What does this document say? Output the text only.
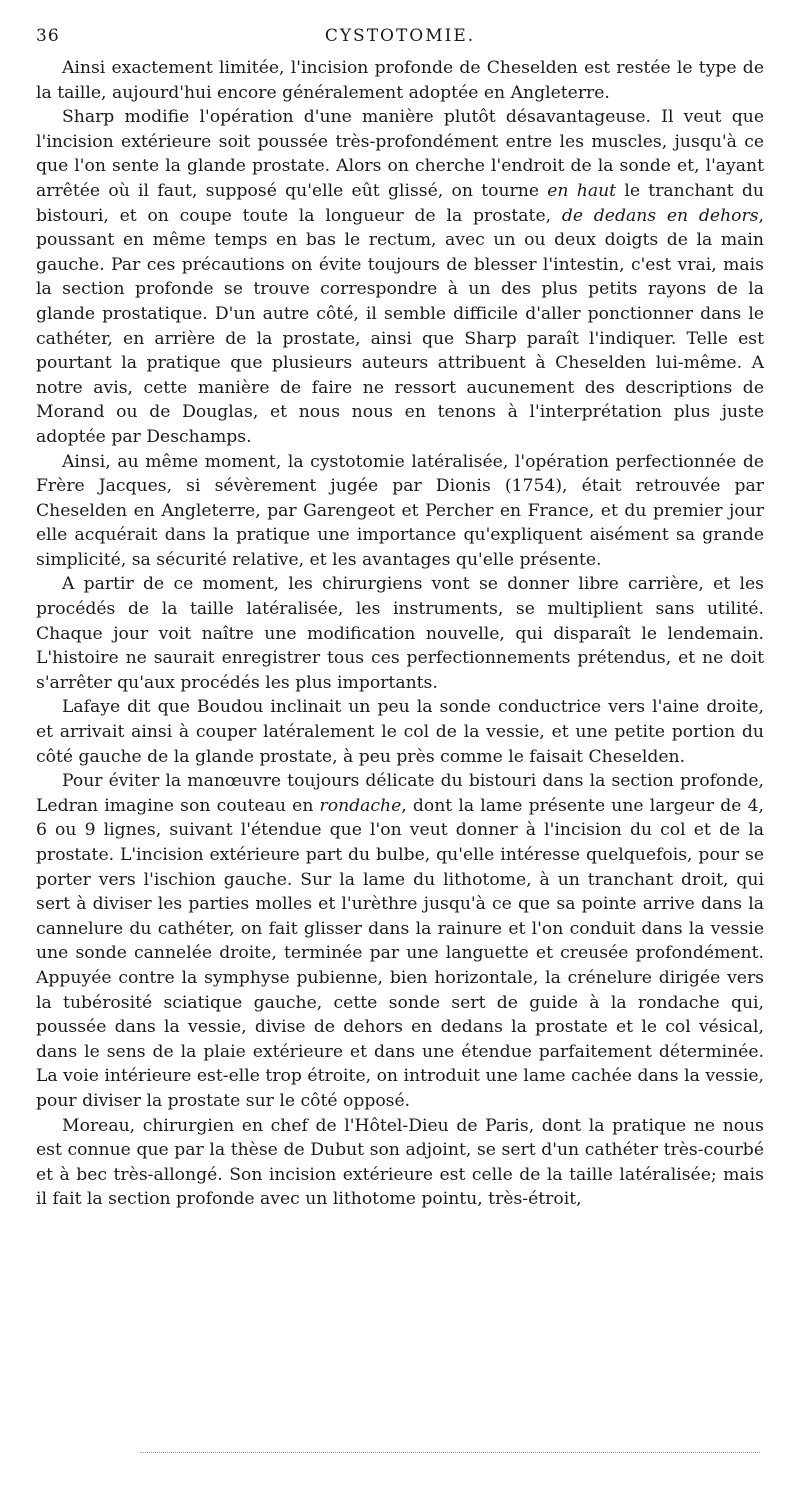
36	CYSTOTOMIE.

Ainsi exactement limitée, l'incision profonde de Cheselden est restée le type de la taille, aujourd'hui encore généralement adoptée en Angleterre.

Sharp modifie l'opération d'une manière plutôt désavantageuse. Il veut que l'incision extérieure soit poussée très-profondément entre les muscles, jusqu'à ce que l'on sente la glande prostate. Alors on cherche l'endroit de la sonde et, l'ayant arrêtée où il faut, supposé qu'elle eût glissé, on tourne en haut le tranchant du bistouri, et on coupe toute la longueur de la prostate, de dedans en dehors, poussant en même temps en bas le rectum, avec un ou deux doigts de la main gauche. Par ces précautions on évite toujours de blesser l'intestin, c'est vrai, mais la section profonde se trouve correspondre à un des plus petits rayons de la glande prostatique. D'un autre côté, il semble difficile d'aller ponctionner dans le cathéter, en arrière de la prostate, ainsi que Sharp paraît l'indiquer. Telle est pourtant la pratique que plusieurs auteurs attribuent à Cheselden lui-même. A notre avis, cette manière de faire ne ressort aucunement des descriptions de Morand ou de Douglas, et nous nous en tenons à l'interprétation plus juste adoptée par Deschamps.

Ainsi, au même moment, la cystotomie latéralisée, l'opération perfectionnée de Frère Jacques, si sévèrement jugée par Dionis (1754), était retrouvée par Cheselden en Angleterre, par Garengeot et Percher en France, et du premier jour elle acquérait dans la pratique une importance qu'expliquent aisément sa grande simplicité, sa sécurité relative, et les avantages qu'elle présente.

A partir de ce moment, les chirurgiens vont se donner libre carrière, et les procédés de la taille latéralisée, les instruments, se multiplient sans utilité. Chaque jour voit naître une modification nouvelle, qui disparaît le lendemain. L'histoire ne saurait enregistrer tous ces perfectionnements prétendus, et ne doit s'arrêter qu'aux procédés les plus importants.

Lafaye dit que Boudou inclinait un peu la sonde conductrice vers l'aine droite, et arrivait ainsi à couper latéralement le col de la vessie, et une petite portion du côté gauche de la glande prostate, à peu près comme le faisait Cheselden.

Pour éviter la manœuvre toujours délicate du bistouri dans la section profonde, Ledran imagine son couteau en rondache, dont la lame présente une largeur de 4, 6 ou 9 lignes, suivant l'étendue que l'on veut donner à l'incision du col et de la prostate. L'incision extérieure part du bulbe, qu'elle intéresse quelquefois, pour se porter vers l'ischion gauche. Sur la lame du lithotome, à un tranchant droit, qui sert à diviser les parties molles et l'urèthre jusqu'à ce que sa pointe arrive dans la cannelure du cathéter, on fait glisser dans la rainure et l'on conduit dans la vessie une sonde cannelée droite, terminée par une languette et creusée profondément. Appuyée contre la symphyse pubienne, bien horizontale, la crénelure dirigée vers la tubérosité sciatique gauche, cette sonde sert de guide à la rondache qui, poussée dans la vessie, divise de dehors en dedans la prostate et le col vésical, dans le sens de la plaie extérieure et dans une étendue parfaitement déterminée. La voie intérieure est-elle trop étroite, on introduit une lame cachée dans la vessie, pour diviser la prostate sur le côté opposé.

Moreau, chirurgien en chef de l'Hôtel-Dieu de Paris, dont la pratique ne nous est connue que par la thèse de Dubut son adjoint, se sert d'un cathéter très-courbé et à bec très-allongé. Son incision extérieure est celle de la taille latéralisée; mais il fait la section profonde avec un lithotome pointu, très-étroit,
